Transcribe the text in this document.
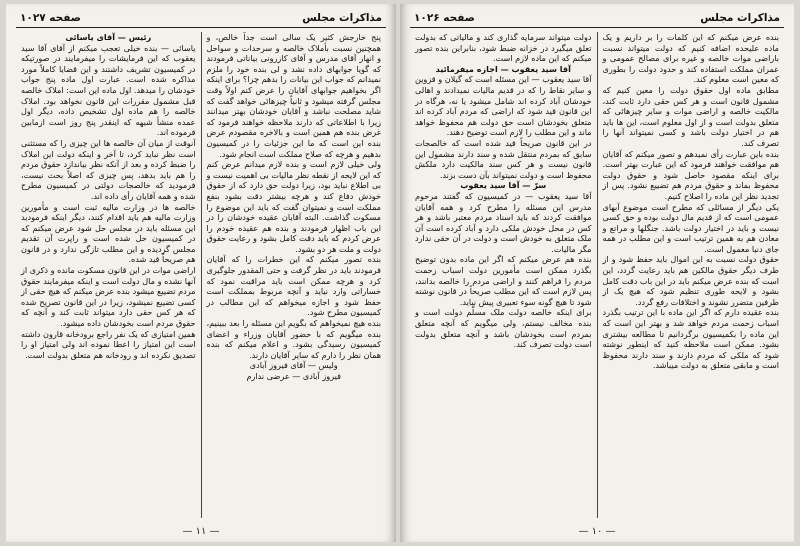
مذاکرات مجلس
صفحه ۱۰۲۷

پنج خارجش کثیر یک سالی است جداً خالص، و همچنین نسبت بأملاک خالصه و سرحدات و سواحل و انهار آقای مدرس و آقای کازرونی بیاناتی فرمودند که گویا جوابهای داده نشد و لی بنده خود را ملزم نمیدانم که جواب این بیانات را بدهم چرا؟ برای اینکه اگر بخواهیم جوابهای آقایان را عرض کنم اولاً وقت مجلس گرفته میشود و ثانیاً چیزهائی خواهد گفت که شاید مصلحت نباشد و آقایان خودشان بهتر میدانند زیرا با اطلاعاتی که دارند ملاحظه خواهند فرمود که غرض بنده هم همین است و بالاخره مقصودم عرض بنده این است که ما این جزئیات را در کمیسیون بدهیم و هرچه که صلاح مملکت است انجام شود.

ولی خیلی لازم است و بنده لازم میدانم عرض کنم که این لایحه از نقطه نظر مالیات بی اهمیت نیست و بی اطلاع نباید بود، زیرا دولت حق دارد که از حقوق خودش دفاع کند و هرچه بیشتر دقت بشود بنفع مملکت است و نمیتوان گفت که باید این موضوع را مسکوت گذاشت. البته آقایان عقیده خودشان را در این باب اظهار فرمودند و بنده هم عقیده خودم را عرض کردم که باید دقت کامل بشود و رعایت حقوق دولت و ملت هر دو بشود.

بنده تصور میکنم که این خطرات را که آقایان فرمودند باید در نظر گرفت و حتی المقدور جلوگیری کرد و هرچه ممکن است باید مراقبت نمود که خساراتی وارد نیاید و آنچه مربوط بمملکت است حفظ شود و اجازه میخواهم که این مطالب در کمیسیون مطرح شود.

بنده هیچ نمیخواهم که بگویم این مسئله را بعد ببینیم، بنده میگویم که با حضور آقایان وزراء و اعضای کمیسیون رسیدگی بشود. و اعلام میکنم که بنده همان نظر را دارم که سایر آقایان دارند.

ولیس — آقای فیروز آبادی

فیروز آبادی — عرضی ندارم

رئیس — آقای یاسائی

یاسائی — بنده خیلی تعجب میکنم از آقای آقا سید یعقوب که این فرمایشات را میفرمایند در صورتیکه در کمیسیون تشریف داشتند و این قضایا کاملاً مورد مذاکره شده است. عبارت اول ماده پنج جواب خودشان را میدهد. اول ماده این است: املاک خالصه قبل مشمول مقررات این قانون نخواهد بود. املاک خالصه را هم ماده اول تشخیص داده، دیگر اول عمده منشأ شبهه که اینقدر پنج روز است ازمابین فرموده اند.

آنوقت از میان آن خالصه ها این چیزی را که مستثنی است نظر نباید کرد، تا آخر و اینکه دولت این املاک را ضبط کرده و بعد از آنکه نظر بیاندازد حقوق مردم را هم باید بدهد، پس چیزی که اصلاً بحث نیست، فرمودید که خالصجات دولتی در کمیسیون مطرح شده و همه آقایان رأی داده اند.

خالصه ها در وزارت مالیه ثبت است و مأمورین وزارت مالیه هم باید اقدام کنند، دیگر اینکه فرمودید این مسئله باید در مجلس حل شود عرض میکنم که در کمیسیون حل شده است و راپرت آن تقدیم مجلس گردیده و این مطلب تازگی ندارد و در قانون هم صریحاً قید شده.

اراضی موات در این قانون مسکوت مانده و ذکری از آنها نشده و مال دولت است و اینکه میفرمایند حقوق مردم تضییع میشود بنده عرض میکنم که هیچ حقی از کسی تضییع نمیشود، زیرا در این قانون تصریح شده که هر کس حقی دارد میتواند ثابت کند و آنچه که حقوق مردم است بخودشان داده میشود.

همین امتیازی که یک نفر راجع برودخانه قارون داشته است این امتیاز را اعطا نموده اند ولی امتیاز او را تصدیق نکرده اند و رودخانه هم متعلق بدولت است.

— ۱۱ —
مذاکرات مجلس
صفحه ۱۰۲۶

بنده عرض میکنم که این کلمات را بر داریم و یک ماده علیحده اضافه کنیم که دولت میتواند نسبت باراضی موات خالصه و غیره برای مصالح عمومی و عمران مملکت استفاده کند و حدود دولت را بطوری که معین است معلوم کند.

مطابق ماده اول حقوق دولت را معین کنیم که مشمول قانون است و هر کس حقی دارد ثابت کند، مالکیت خالصه و اراضی موات و سایر چیزهائی که متعلق بدولت است و از اول معلوم است، این ها باید هم در اختیار دولت باشد و کسی نمیتواند آنها را تصرف کند.

بنده باین عبارت رأی نمیدهم و تصور میکنم که آقایان هم موافقت خواهند فرمود که این عبارت بهتر است. برای اینکه مقصود حاصل شود و حقوق دولت محفوظ بماند و حقوق مردم هم تضییع نشود. پس از تجدید نظر این ماده را اصلاح کنیم.

یکی دیگر از مسائلی که مطرح است موضوع آبهای عمومی است که از قدیم مال دولت بوده و حق کسی نیست و باید در اختیار دولت باشد. جنگلها و مراتع و معادن هم به همین ترتیب است و این مطلب در همه جای دنیا معمول است.

حقوق دولت نسبت به این اموال باید حفظ شود و از طرف دیگر حقوق مالکین هم باید رعایت گردد، این است که بنده عرض میکنم باید در این باب دقت کامل بشود و لایحه طوری تنظیم شود که هیچ یک از طرفین متضرر نشوند و اختلافات رفع گردد.

بنده عقیده دارم که اگر این ماده با این ترتیب بگذرد اسباب زحمت مردم خواهد شد و بهتر این است که این ماده را بکمیسیون برگردانیم تا مطالعه بیشتری بشود. ممکن است ملاحظه کنید که اینطور نوشته شود که ملکی که مردم دارند و سند دارند محفوظ است و مابقی متعلق به دولت میباشد.

دولت میتواند سرمایه گذاری کند و مالیاتی که بدولت تعلق میگیرد در خزانه ضبط شود، بنابراین بنده تصور میکنم که این ماده لازم است.

آقا سید یعقوب — اجازه میفرمائید

آقا سید یعقوب — این مسئله است که گیلان و قزوین و سایر نقاط را که در قدیم مالیات نمیدادند و اهالی خودشان آباد کرده اند شامل میشود یا نه، هرگاه در این قانون قید شود که اراضی که مردم آباد کرده اند متعلق بخودشان است حق دولت هم محفوظ خواهد ماند و این مطلب را لازم است توضیح دهند.

در این قانون صریحاً قید شده است که خالصجات سابق که بمردم منتقل شده و سند دارند مشمول این قانون نیست و هر کس سند مالکیت دارد ملکش محفوظ است و دولت نمیتواند بآن دست بزند.

سرّ — آقا سید یعقوب

آقا سید یعقوب — در کمیسیون که گفتند مرحوم مدرس این مسئله را مطرح کرد و همه آقایان موافقت کردند که باید اسناد مردم معتبر باشد و هر کس در محل خودش ملکی دارد و آباد کرده است آن ملک متعلق به خودش است و دولت در آن حقی ندارد مگر مالیات.

بنده هم عرض میکنم که اگر این ماده بدون توضیح بگذرد ممکن است مأمورین دولت اسباب زحمت مردم را فراهم کنند و اراضی مردم را خالصه بدانند، پس لازم است که این مطلب صریحاً در قانون نوشته شود تا هیچ گونه سوء تعبیری پیش نیاید.

برای اینکه خالصه دولت ملک مسلّم دولت است و بنده مخالف نیستم، ولی میگویم که آنچه متعلق بمردم است بخودشان باشد و آنچه متعلق بدولت است دولت تصرف کند.

— ۱۰ —
